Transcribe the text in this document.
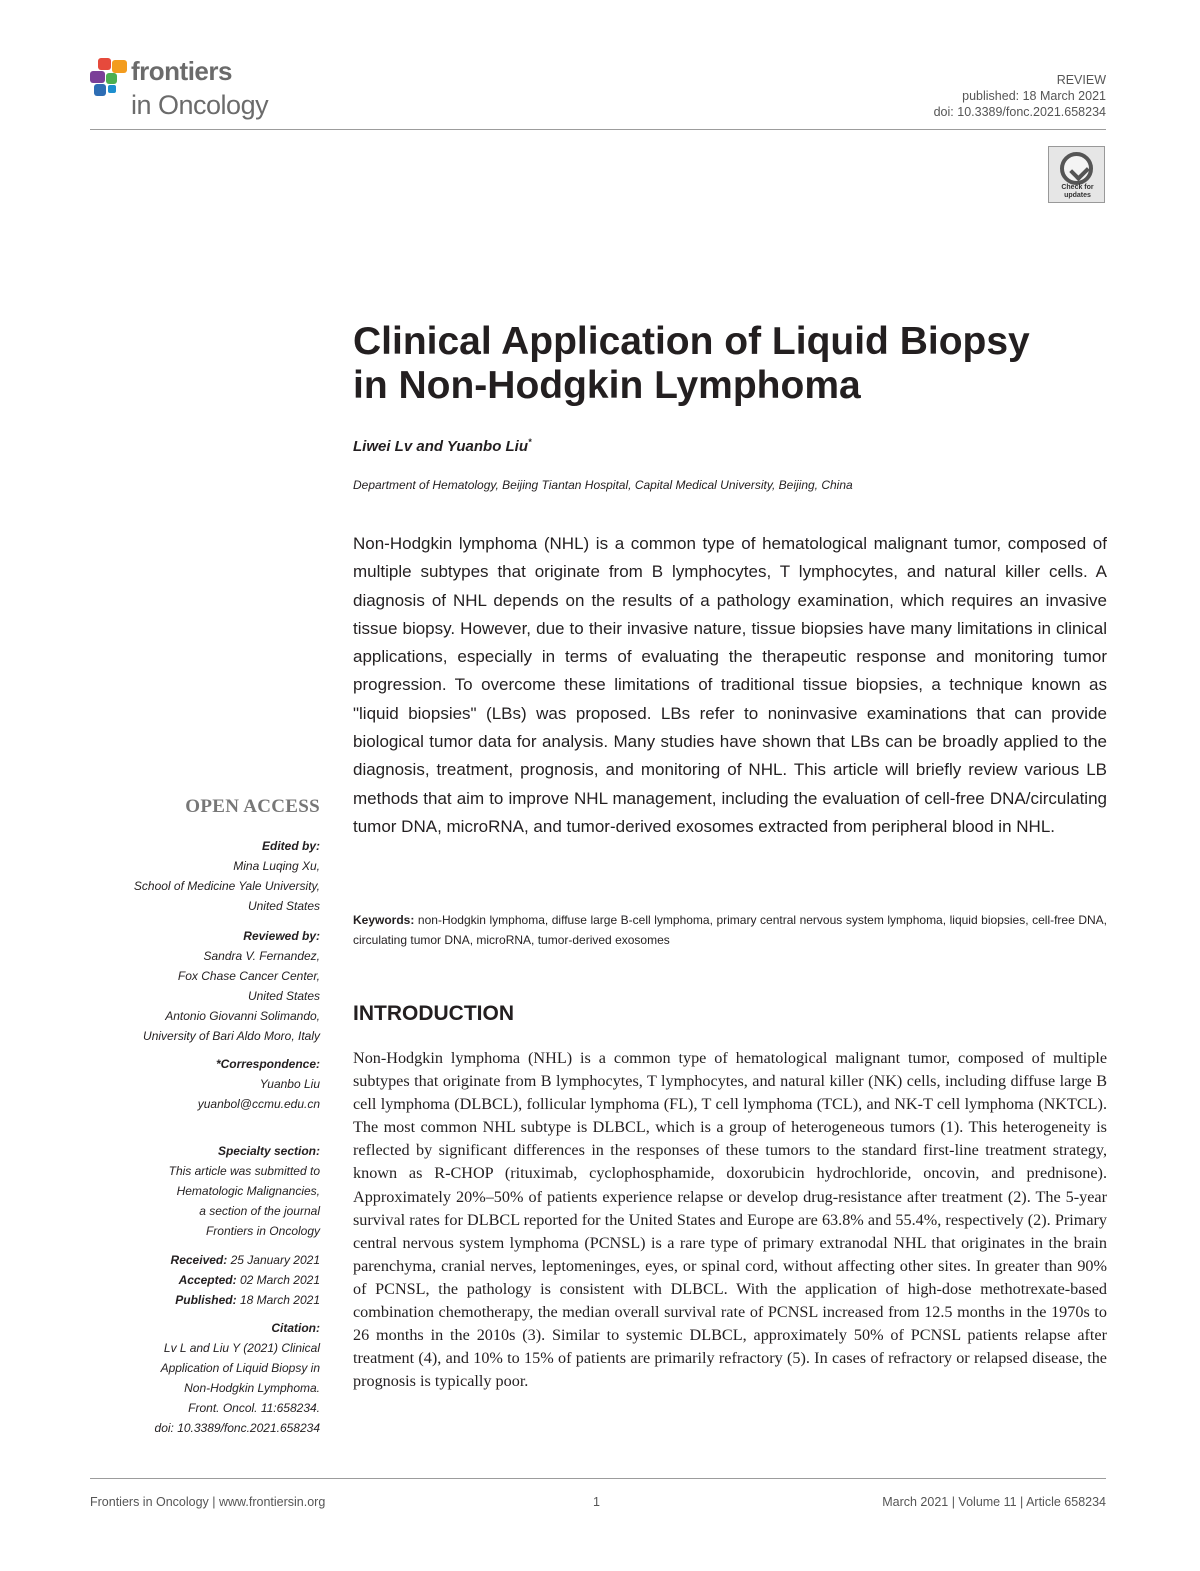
frontiers
in Oncology
REVIEW
published: 18 March 2021
doi: 10.3389/fonc.2021.658234
Check for updates
Clinical Application of Liquid Biopsy
in Non-Hodgkin Lymphoma
Liwei Lv and Yuanbo Liu*
Department of Hematology, Beijing Tiantan Hospital, Capital Medical University, Beijing, China
Non-Hodgkin lymphoma (NHL) is a common type of hematological malignant tumor, composed of multiple subtypes that originate from B lymphocytes, T lymphocytes, and natural killer cells. A diagnosis of NHL depends on the results of a pathology examination, which requires an invasive tissue biopsy. However, due to their invasive nature, tissue biopsies have many limitations in clinical applications, especially in terms of evaluating the therapeutic response and monitoring tumor progression. To overcome these limitations of traditional tissue biopsies, a technique known as "liquid biopsies" (LBs) was proposed. LBs refer to noninvasive examinations that can provide biological tumor data for analysis. Many studies have shown that LBs can be broadly applied to the diagnosis, treatment, prognosis, and monitoring of NHL. This article will briefly review various LB methods that aim to improve NHL management, including the evaluation of cell-free DNA/circulating tumor DNA, microRNA, and tumor-derived exosomes extracted from peripheral blood in NHL.
Keywords: non-Hodgkin lymphoma, diffuse large B-cell lymphoma, primary central nervous system lymphoma, liquid biopsies, cell-free DNA, circulating tumor DNA, microRNA, tumor-derived exosomes
INTRODUCTION
Non-Hodgkin lymphoma (NHL) is a common type of hematological malignant tumor, composed of multiple subtypes that originate from B lymphocytes, T lymphocytes, and natural killer (NK) cells, including diffuse large B cell lymphoma (DLBCL), follicular lymphoma (FL), T cell lymphoma (TCL), and NK-T cell lymphoma (NKTCL). The most common NHL subtype is DLBCL, which is a group of heterogeneous tumors (1). This heterogeneity is reflected by significant differences in the responses of these tumors to the standard first-line treatment strategy, known as R-CHOP (rituximab, cyclophosphamide, doxorubicin hydrochloride, oncovin, and prednisone). Approximately 20%–50% of patients experience relapse or develop drug-resistance after treatment (2). The 5-year survival rates for DLBCL reported for the United States and Europe are 63.8% and 55.4%, respectively (2). Primary central nervous system lymphoma (PCNSL) is a rare type of primary extranodal NHL that originates in the brain parenchyma, cranial nerves, leptomeninges, eyes, or spinal cord, without affecting other sites. In greater than 90% of PCNSL, the pathology is consistent with DLBCL. With the application of high-dose methotrexate-based combination chemotherapy, the median overall survival rate of PCNSL increased from 12.5 months in the 1970s to 26 months in the 2010s (3). Similar to systemic DLBCL, approximately 50% of PCNSL patients relapse after treatment (4), and 10% to 15% of patients are primarily refractory (5). In cases of refractory or relapsed disease, the prognosis is typically poor.
OPEN ACCESS
Edited by:
Mina Luqing Xu,
School of Medicine Yale University,
United States
Reviewed by:
Sandra V. Fernandez,
Fox Chase Cancer Center,
United States
Antonio Giovanni Solimando,
University of Bari Aldo Moro, Italy
*Correspondence:
Yuanbo Liu
yuanbol@ccmu.edu.cn
Specialty section:
This article was submitted to
Hematologic Malignancies,
a section of the journal
Frontiers in Oncology
Received: 25 January 2021
Accepted: 02 March 2021
Published: 18 March 2021
Citation:
Lv L and Liu Y (2021) Clinical
Application of Liquid Biopsy in
Non-Hodgkin Lymphoma.
Front. Oncol. 11:658234.
doi: 10.3389/fonc.2021.658234
Frontiers in Oncology | www.frontiersin.org	1	March 2021 | Volume 11 | Article 658234
